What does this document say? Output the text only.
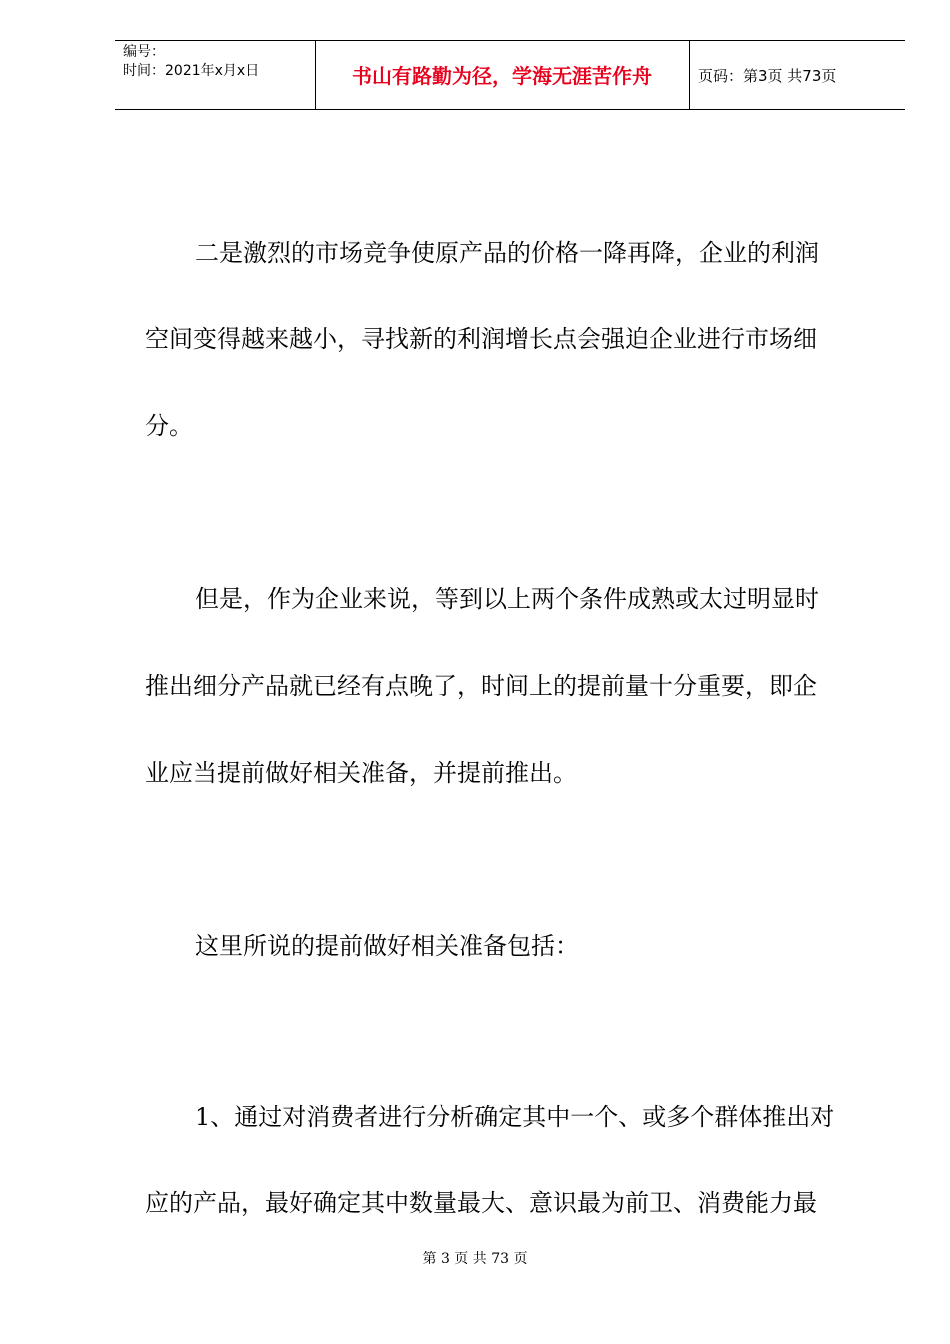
编号：
时间：2021年x月x日	书山有路勤为径，学海无涯苦作舟	页码：第3页 共73页
二是激烈的市场竞争使原产品的价格一降再降，企业的利润
空间变得越来越小，寻找新的利润增长点会强迫企业进行市场细
分。
但是，作为企业来说，等到以上两个条件成熟或太过明显时
推出细分产品就已经有点晚了，时间上的提前量十分重要，即企
业应当提前做好相关准备，并提前推出。
这里所说的提前做好相关准备包括：
1、通过对消费者进行分析确定其中一个、或多个群体推出对
应的产品，最好确定其中数量最大、意识最为前卫、消费能力最
第 3 页 共 73 页
